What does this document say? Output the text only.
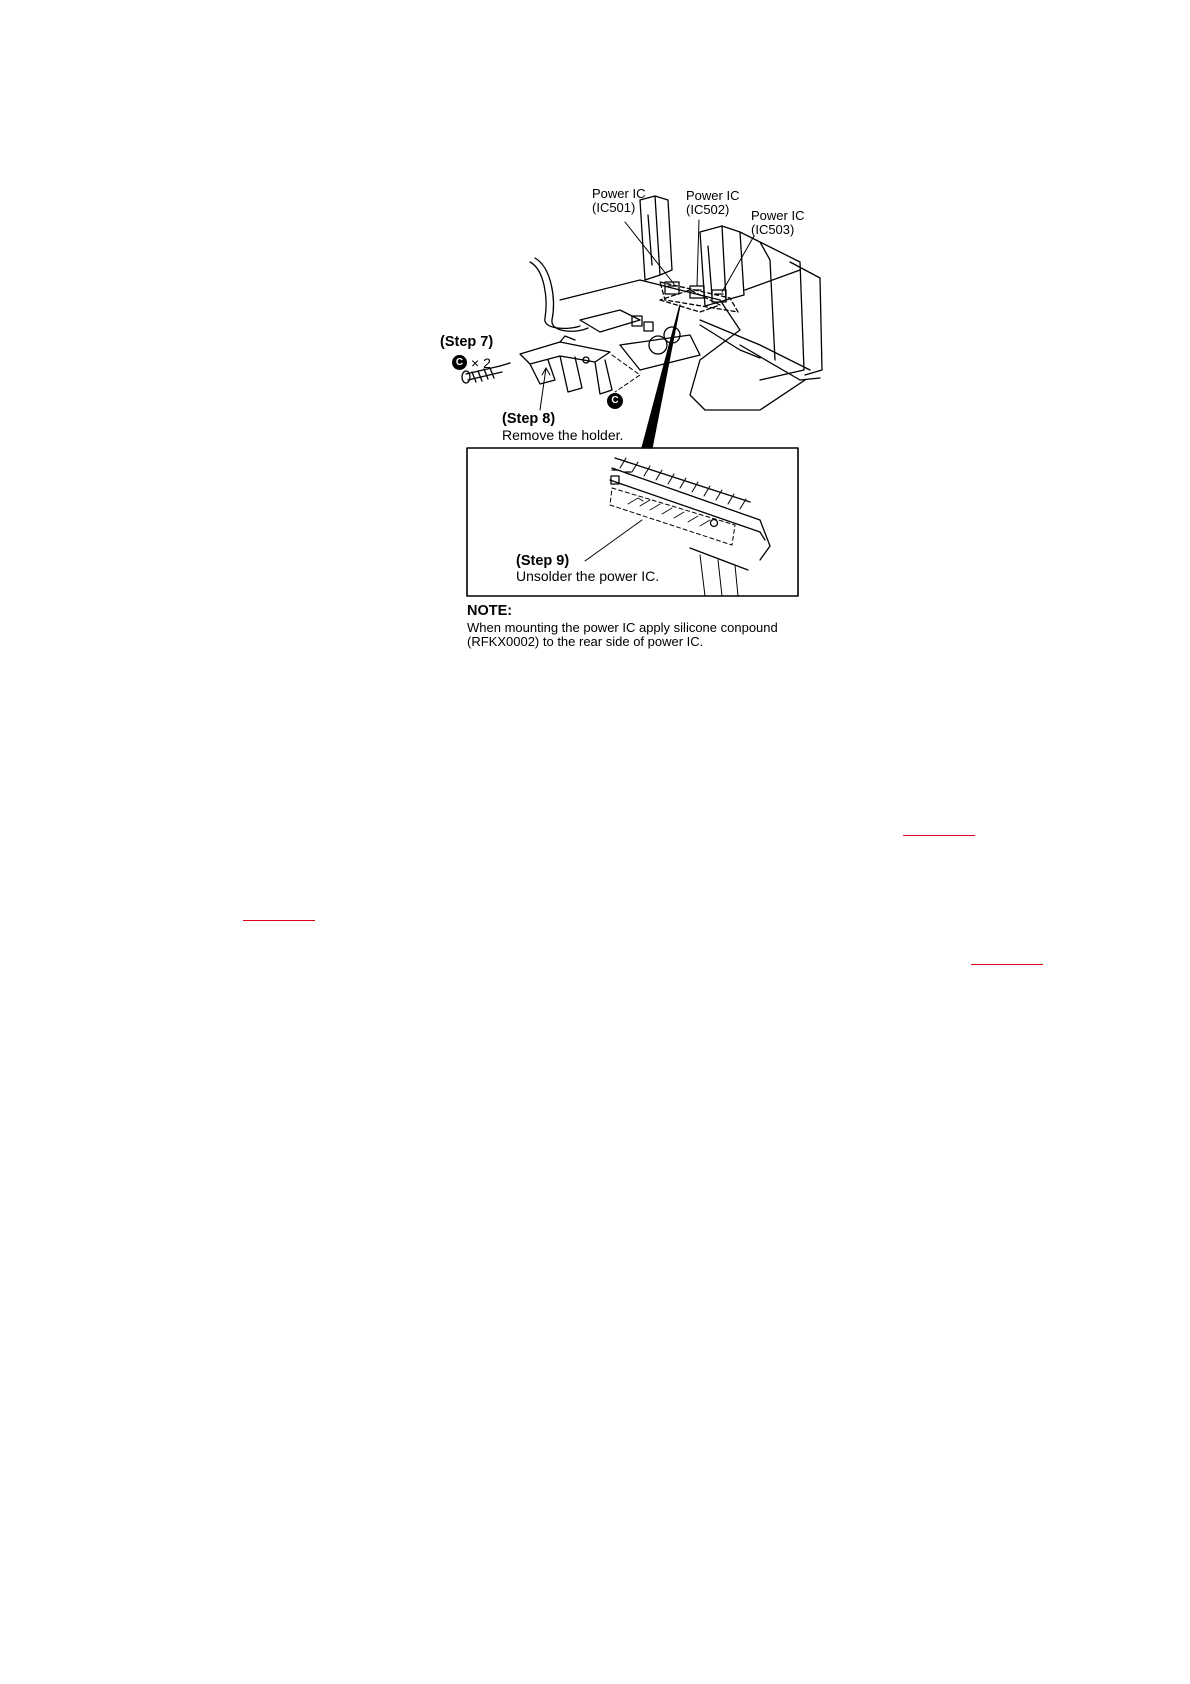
Power IC
(IC501)
Power IC
(IC502)	Power IC
(IC503)
(Step 7)
C × 2
C
(Step 8)
Remove the holder.
(Step 9)
Unsolder the power IC.
NOTE:
When mounting the power IC apply silicone conpound
(RFKX0002) to the rear side of power IC.
